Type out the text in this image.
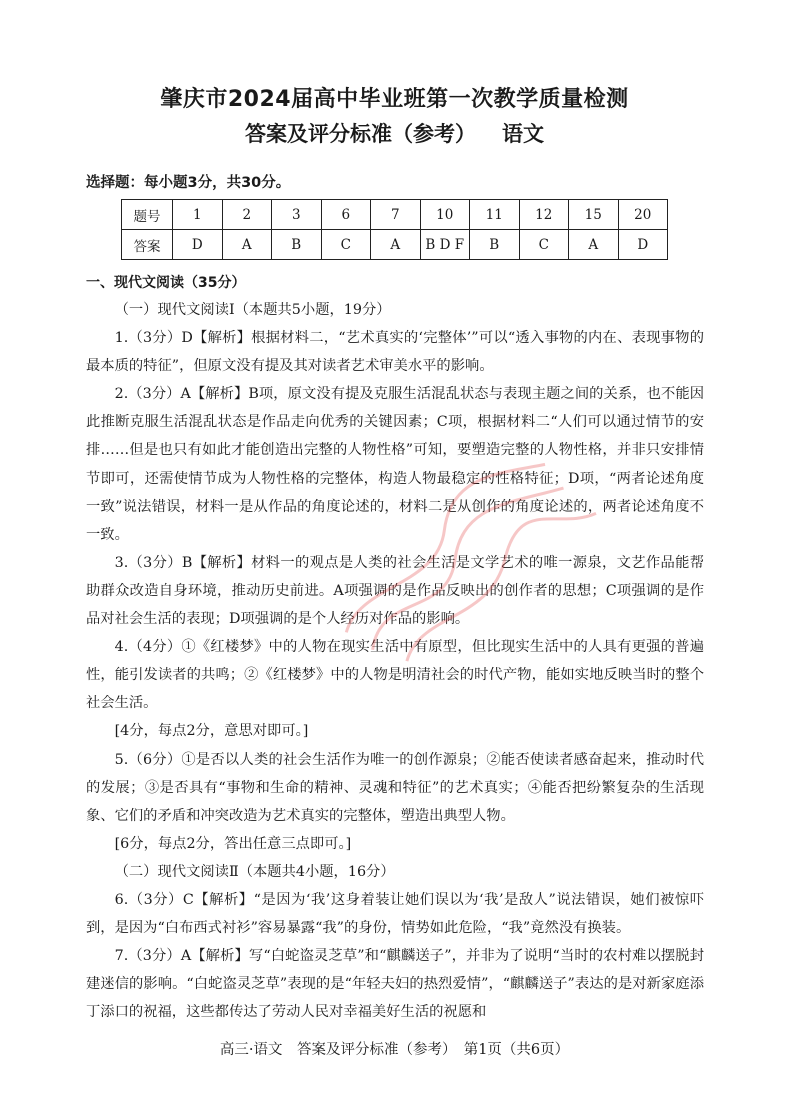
肇庆市2024届高中毕业班第一次教学质量检测
答案及评分标准（参考） 语文
选择题：每小题3分，共30分。
题号	1	2	3	6	7	10	11	12	15	20
答案	D	A	B	C	A	B D F	B	C	A	D
一、现代文阅读（35分）

（一）现代文阅读Ⅰ（本题共5小题，19分）

1.（3分）D【解析】根据材料二，“艺术真实的‘完整体’”可以“透入事物的内在、表现事物的最本质的特征”，但原文没有提及其对读者艺术审美水平的影响。

2.（3分）A【解析】B项，原文没有提及克服生活混乱状态与表现主题之间的关系，也不能因此推断克服生活混乱状态是作品走向优秀的关键因素；C项，根据材料二“人们可以通过情节的安排……但是也只有如此才能创造出完整的人物性格”可知，要塑造完整的人物性格，并非只安排情节即可，还需使情节成为人物性格的完整体，构造人物最稳定的性格特征；D项，“两者论述角度一致”说法错误，材料一是从作品的角度论述的，材料二是从创作的角度论述的，两者论述角度不一致。

3.（3分）B【解析】材料一的观点是人类的社会生活是文学艺术的唯一源泉，文艺作品能帮助群众改造自身环境，推动历史前进。A项强调的是作品反映出的创作者的思想；C项强调的是作品对社会生活的表现；D项强调的是个人经历对作品的影响。

4.（4分）①《红楼梦》中的人物在现实生活中有原型，但比现实生活中的人具有更强的普遍性，能引发读者的共鸣；②《红楼梦》中的人物是明清社会的时代产物，能如实地反映当时的整个社会生活。

[4分，每点2分，意思对即可。]

5.（6分）①是否以人类的社会生活作为唯一的创作源泉；②能否使读者感奋起来，推动时代的发展；③是否具有“事物和生命的精神、灵魂和特征”的艺术真实；④能否把纷繁复杂的生活现象、它们的矛盾和冲突改造为艺术真实的完整体，塑造出典型人物。

[6分，每点2分，答出任意三点即可。]

（二）现代文阅读Ⅱ（本题共4小题，16分）

6.（3分）C【解析】“是因为‘我’这身着装让她们误以为‘我’是敌人”说法错误，她们被惊吓到，是因为“白布西式衬衫”容易暴露“我”的身份，情势如此危险，“我”竟然没有换装。

7.（3分）A【解析】写“白蛇盗灵芝草”和“麒麟送子”，并非为了说明“当时的农村难以摆脱封建迷信的影响。“白蛇盗灵芝草”表现的是“年轻夫妇的热烈爱情”，“麒麟送子”表达的是对新家庭添丁添口的祝福，这些都传达了劳动人民对幸福美好生活的祝愿和

高三·语文　答案及评分标准（参考）　第1页（共6页）
